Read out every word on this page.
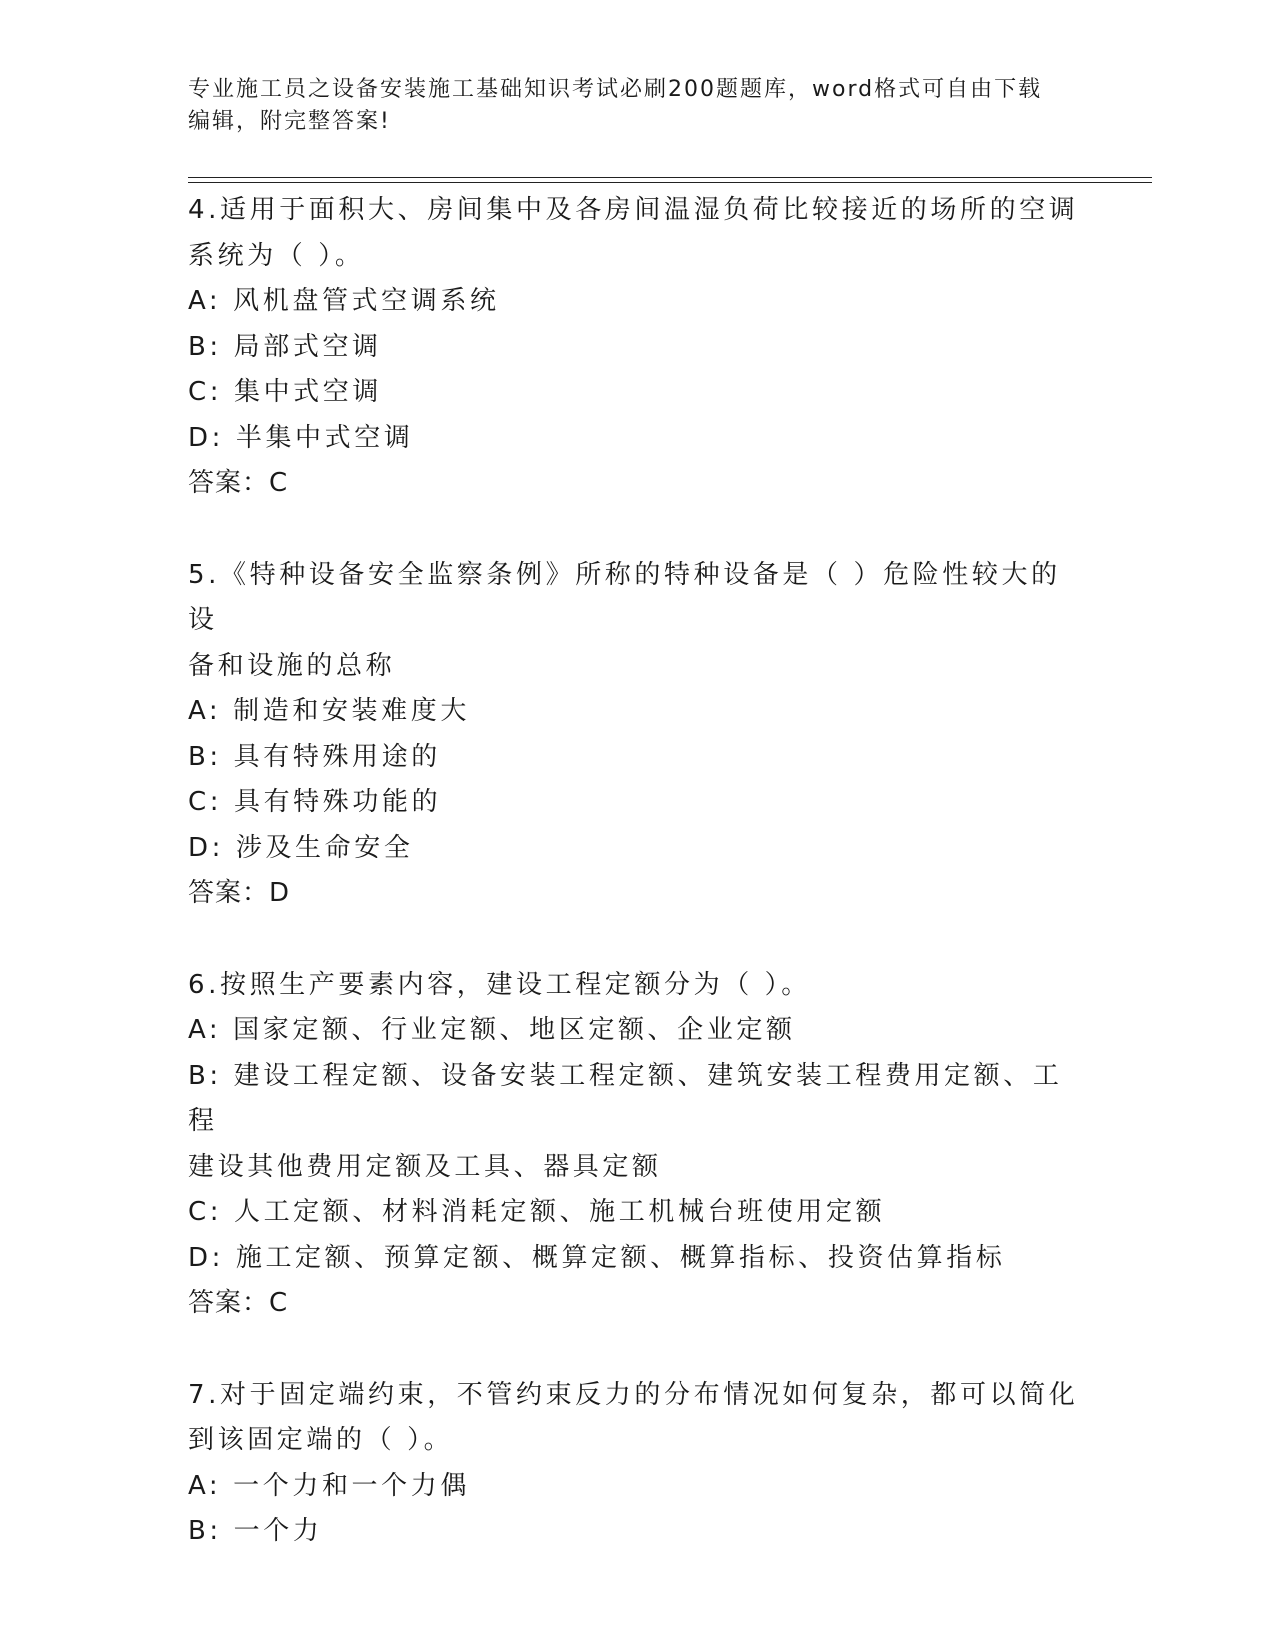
专业施工员之设备安装施工基础知识考试必刷200题题库，word格式可自由下载
编辑，附完整答案!
4.适用于面积大、房间集中及各房间温湿负荷比较接近的场所的空调
系统为（ ）。
A: 风机盘管式空调系统
B: 局部式空调
C: 集中式空调
D: 半集中式空调
答案：C
5.《特种设备安全监察条例》所称的特种设备是（ ）危险性较大的设
备和设施的总称
A: 制造和安装难度大
B: 具有特殊用途的
C: 具有特殊功能的
D: 涉及生命安全
答案：D
6.按照生产要素内容，建设工程定额分为（ ）。
A: 国家定额、行业定额、地区定额、企业定额
B: 建设工程定额、设备安装工程定额、建筑安装工程费用定额、工程
建设其他费用定额及工具、器具定额
C: 人工定额、材料消耗定额、施工机械台班使用定额
D: 施工定额、预算定额、概算定额、概算指标、投资估算指标
答案：C
7.对于固定端约束，不管约束反力的分布情况如何复杂，都可以简化
到该固定端的（ ）。
A: 一个力和一个力偶
B: 一个力
